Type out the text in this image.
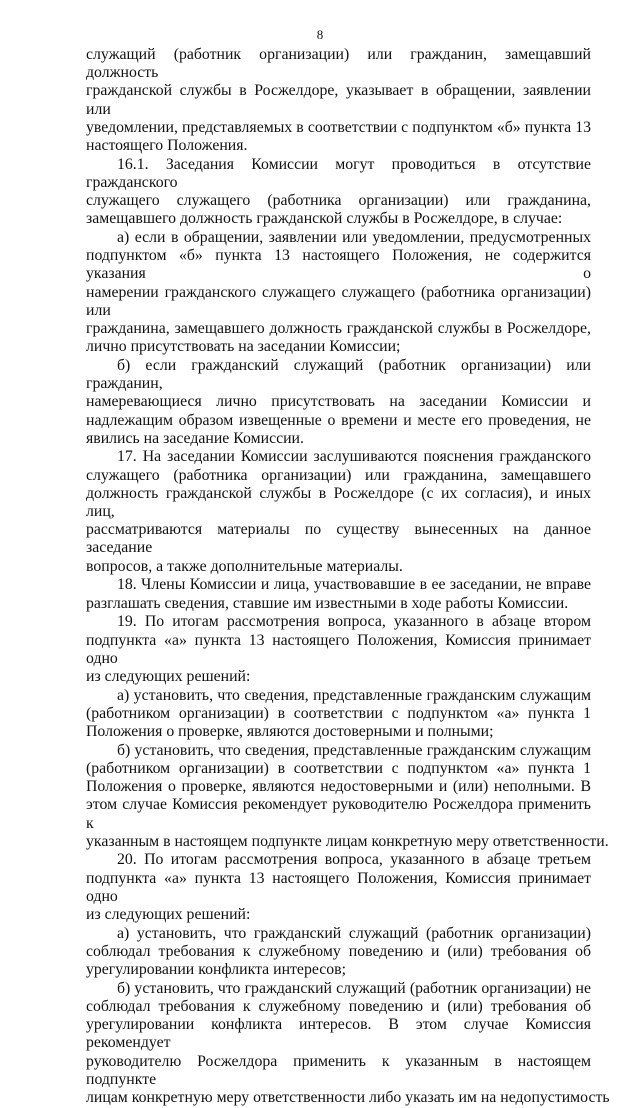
8
служащий (работник организации) или гражданин, замещавший должность
гражданской службы в Росжелдоре, указывает в обращении, заявлении или
уведомлении, представляемых в соответствии с подпунктом «б» пункта 13
настоящего Положения.
16.1. Заседания Комиссии могут проводиться в отсутствие гражданского
служащего служащего (работника организации) или гражданина,
замещавшего должность гражданской службы в Росжелдоре, в случае:
а) если в обращении, заявлении или уведомлении, предусмотренных
подпунктом «б» пункта 13 настоящего Положения, не содержится указания о
намерении гражданского служащего служащего (работника организации) или
гражданина, замещавшего должность гражданской службы в Росжелдоре,
лично присутствовать на заседании Комиссии;
б) если гражданский служащий (работник организации) или гражданин,
намеревающиеся лично присутствовать на заседании Комиссии и
надлежащим образом извещенные о времени и месте его проведения, не
явились на заседание Комиссии.
17. На заседании Комиссии заслушиваются пояснения гражданского
служащего (работника организации) или гражданина, замещавшего
должность гражданской службы в Росжелдоре (с их согласия), и иных лиц,
рассматриваются материалы по существу вынесенных на данное заседание
вопросов, а также дополнительные материалы.
18. Члены Комиссии и лица, участвовавшие в ее заседании, не вправе
разглашать сведения, ставшие им известными в ходе работы Комиссии.
19. По итогам рассмотрения вопроса, указанного в абзаце втором
подпункта «а» пункта 13 настоящего Положения, Комиссия принимает одно
из следующих решений:
а) установить, что сведения, представленные гражданским служащим
(работником организации) в соответствии с подпунктом «а» пункта 1
Положения о проверке, являются достоверными и полными;
б) установить, что сведения, представленные гражданским служащим
(работником организации) в соответствии с подпунктом «а» пункта 1
Положения о проверке, являются недостоверными и (или) неполными. В
этом случае Комиссия рекомендует руководителю Росжелдора применить к
указанным в настоящем подпункте лицам конкретную меру ответственности.
20. По итогам рассмотрения вопроса, указанного в абзаце третьем
подпункта «а» пункта 13 настоящего Положения, Комиссия принимает одно
из следующих решений:
а) установить, что гражданский служащий (работник организации)
соблюдал требования к служебному поведению и (или) требования об
урегулировании конфликта интересов;
б) установить, что гражданский служащий (работник организации) не
соблюдал требования к служебному поведению и (или) требования об
урегулировании конфликта интересов. В этом случае Комиссия рекомендует
руководителю Росжелдора применить к указанным в настоящем подпункте
лицам конкретную меру ответственности либо указать им на недопустимость
